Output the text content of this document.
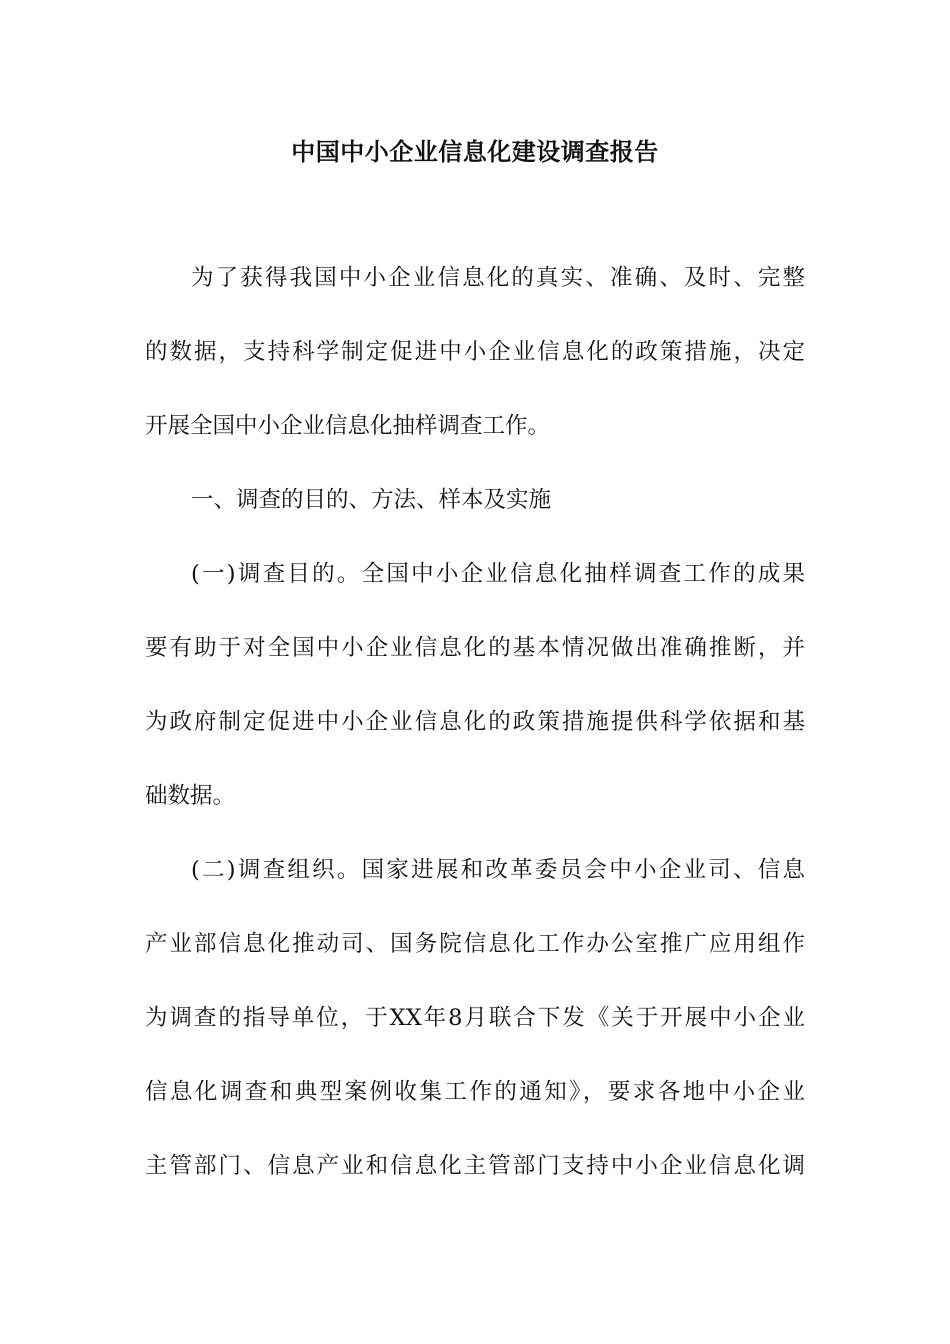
中国中小企业信息化建设调查报告
为了获得我国中小企业信息化的真实、准确、及时、完整
的数据，支持科学制定促进中小企业信息化的政策措施，决定
开展全国中小企业信息化抽样调查工作。
一、调查的目的、方法、样本及实施
(一)调查目的。全国中小企业信息化抽样调查工作的成果
要有助于对全国中小企业信息化的基本情况做出准确推断，并
为政府制定促进中小企业信息化的政策措施提供科学依据和基
础数据。
(二)调查组织。国家进展和改革委员会中小企业司、信息
产业部信息化推动司、国务院信息化工作办公室推广应用组作
为调查的指导单位，于XX年8月联合下发《关于开展中小企业
信息化调查和典型案例收集工作的通知》，要求各地中小企业
主管部门、信息产业和信息化主管部门支持中小企业信息化调
